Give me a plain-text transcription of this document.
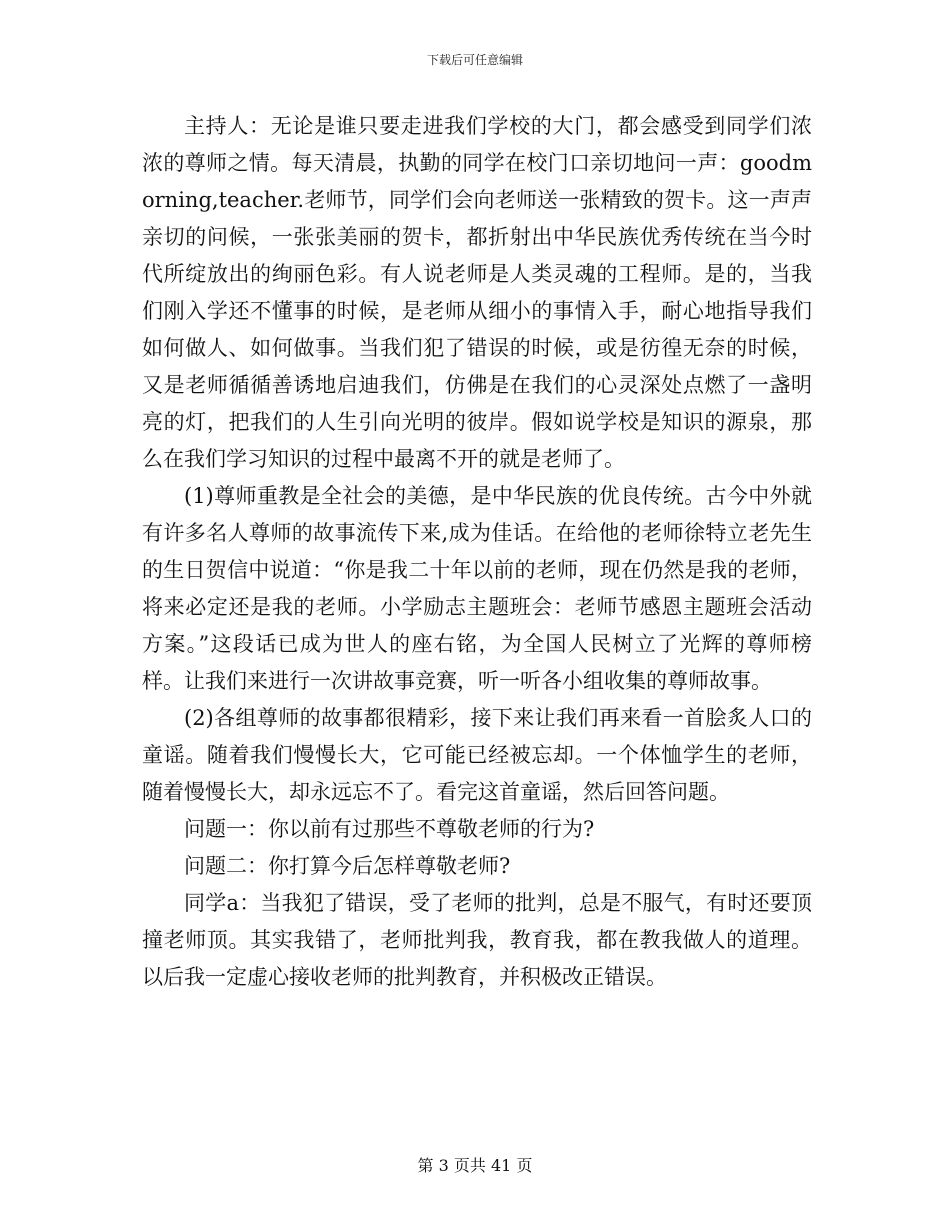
下载后可任意编辑

主持人：无论是谁只要走进我们学校的大门，都会感受到同学们浓浓的尊师之情。每天清晨，执勤的同学在校门口亲切地问一声：goodmorning,teacher.老师节，同学们会向老师送一张精致的贺卡。这一声声亲切的问候，一张张美丽的贺卡，都折射出中华民族优秀传统在当今时代所绽放出的绚丽色彩。有人说老师是人类灵魂的工程师。是的，当我们刚入学还不懂事的时候，是老师从细小的事情入手，耐心地指导我们如何做人、如何做事。当我们犯了错误的时候，或是彷徨无奈的时候，又是老师循循善诱地启迪我们，仿佛是在我们的心灵深处点燃了一盏明亮的灯，把我们的人生引向光明的彼岸。假如说学校是知识的源泉，那么在我们学习知识的过程中最离不开的就是老师了。

(1)尊师重教是全社会的美德，是中华民族的优良传统。古今中外就有许多名人尊师的故事流传下来,成为佳话。在给他的老师徐特立老先生的生日贺信中说道：“你是我二十年以前的老师，现在仍然是我的老师，将来必定还是我的老师。小学励志主题班会：老师节感恩主题班会活动方案。”这段话已成为世人的座右铭，为全国人民树立了光辉的尊师榜样。让我们来进行一次讲故事竞赛，听一听各小组收集的尊师故事。

(2)各组尊师的故事都很精彩，接下来让我们再来看一首脍炙人口的童谣。随着我们慢慢长大，它可能已经被忘却。一个体恤学生的老师，随着慢慢长大，却永远忘不了。看完这首童谣，然后回答问题。

问题一：你以前有过那些不尊敬老师的行为?

问题二：你打算今后怎样尊敬老师?

同学a：当我犯了错误，受了老师的批判，总是不服气，有时还要顶撞老师顶。其实我错了，老师批判我，教育我，都在教我做人的道理。以后我一定虚心接收老师的批判教育，并积极改正错误。

第 3 页共 41 页
